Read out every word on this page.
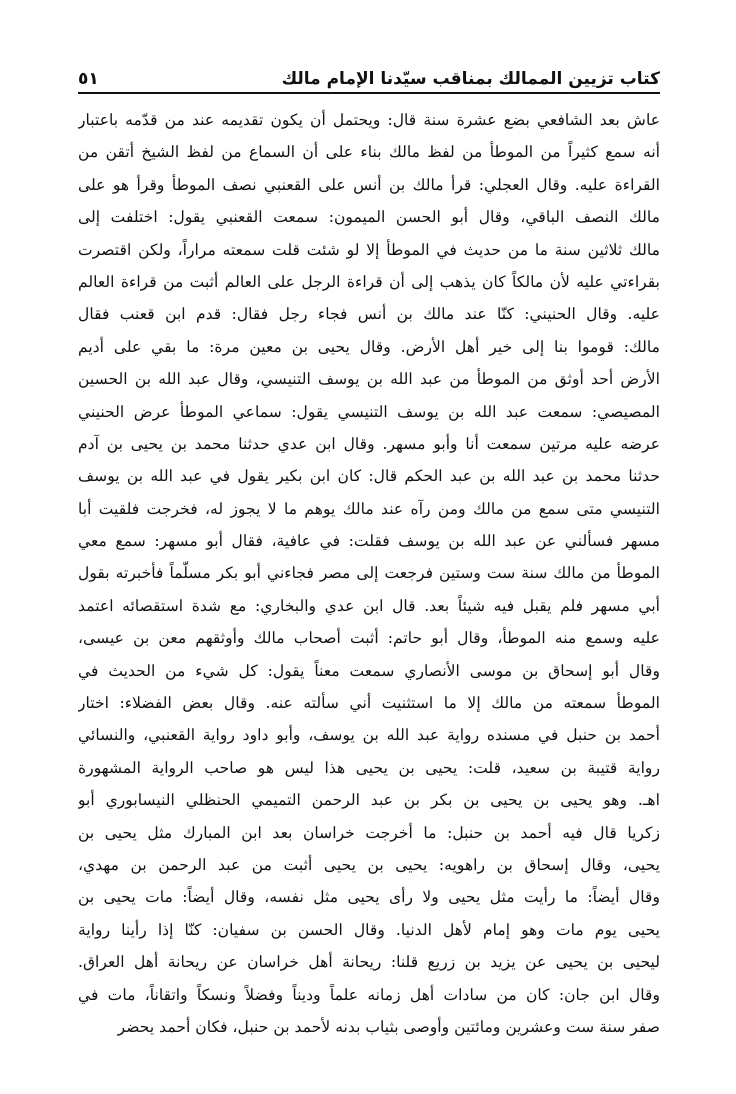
كتاب تزيين الممالك بمناقب سيّدنا الإمام مالك
٥١
عاش بعد الشافعي بضع عشرة سنة قال: ويحتمل أن يكون تقديمه عند من قدّمه باعتبار
أنه سمع كثيراً من الموطأ من لفظ مالك بناء على أن السماع من لفظ الشيخ أتقن من
القراءة عليه. وقال العجلي: قرأ مالك بن أنس على القعنبي نصف الموطأ وقرأ هو على
مالك النصف الباقي، وقال أبو الحسن الميمون: سمعت القعنبي يقول: اختلفت إلى
مالك ثلاثين سنة ما من حديث في الموطأ إلا لو شئت قلت سمعته مراراً، ولكن اقتصرت
بقراءتي عليه لأن مالكاً كان يذهب إلى أن قراءة الرجل على العالم أثبت من قراءة العالم
عليه. وقال الحنيني: كنّا عند مالك بن أنس فجاء رجل فقال: قدم ابن قعنب فقال
مالك: قوموا بنا إلى خير أهل الأرض. وقال يحيى بن معين مرة: ما بقي على أديم
الأرض أحد أوثق من الموطأ من عبد الله بن يوسف التنيسي، وقال عبد الله بن الحسين
المصيصي: سمعت عبد الله بن يوسف التنيسي يقول: سماعي الموطأ عرض الحنيني
عرضه عليه مرتين سمعت أنا وأبو مسهر. وقال ابن عدي حدثنا محمد بن يحيى بن آدم
حدثنا محمد بن عبد الله بن عبد الحكم قال: كان ابن بكير يقول في عبد الله بن يوسف
التنيسي متى سمع من مالك ومن رآه عند مالك يوهم ما لا يجوز له، فخرجت فلقيت أبا
مسهر فسألني عن عبد الله بن يوسف فقلت: في عافية، فقال أبو مسهر: سمع معي
الموطأ من مالك سنة ست وستين فرجعت إلى مصر فجاءني أبو بكر مسلّماً فأخبرته بقول
أبي مسهر فلم يقبل فيه شيئاً بعد. قال ابن عدي والبخاري: مع شدة استقصائه اعتمد
عليه وسمع منه الموطأ، وقال أبو حاتم: أثبت أصحاب مالك وأوثقهم معن بن عيسى،
وقال أبو إسحاق بن موسى الأنصاري سمعت معناً يقول: كل شيء من الحديث في
الموطأ سمعته من مالك إلا ما استثنيت أني سألته عنه. وقال بعض الفضلاء: اختار
أحمد بن حنبل في مسنده رواية عبد الله بن يوسف، وأبو داود رواية القعنبي، والنسائي
رواية قتيبة بن سعيد، قلت: يحيى بن يحيى هذا ليس هو صاحب الرواية المشهورة
اهـ. وهو يحيى بن يحيى بن بكر بن عبد الرحمن التميمي الحنظلي النيسابوري أبو
زكريا قال فيه أحمد بن حنبل: ما أخرجت خراسان بعد ابن المبارك مثل يحيى بن
يحيى، وقال إسحاق بن راهويه: يحيى بن يحيى أثبت من عبد الرحمن بن مهدي،
وقال أيضاً: ما رأيت مثل يحيى ولا رأى يحيى مثل نفسه، وقال أيضاً: مات يحيى بن
يحيى يوم مات وهو إمام لأهل الدنيا. وقال الحسن بن سفيان: كنّا إذا رأينا رواية
ليحيى بن يحيى عن يزيد بن زريع قلنا: ريحانة أهل خراسان عن ريحانة أهل العراق.
وقال ابن جان: كان من سادات أهل زمانه علماً وديناً وفضلاً ونسكاً واتقاناً، مات في
صفر سنة ست وعشرين ومائتين وأوصى بثياب بدنه لأحمد بن حنبل، فكان أحمد يحضر
